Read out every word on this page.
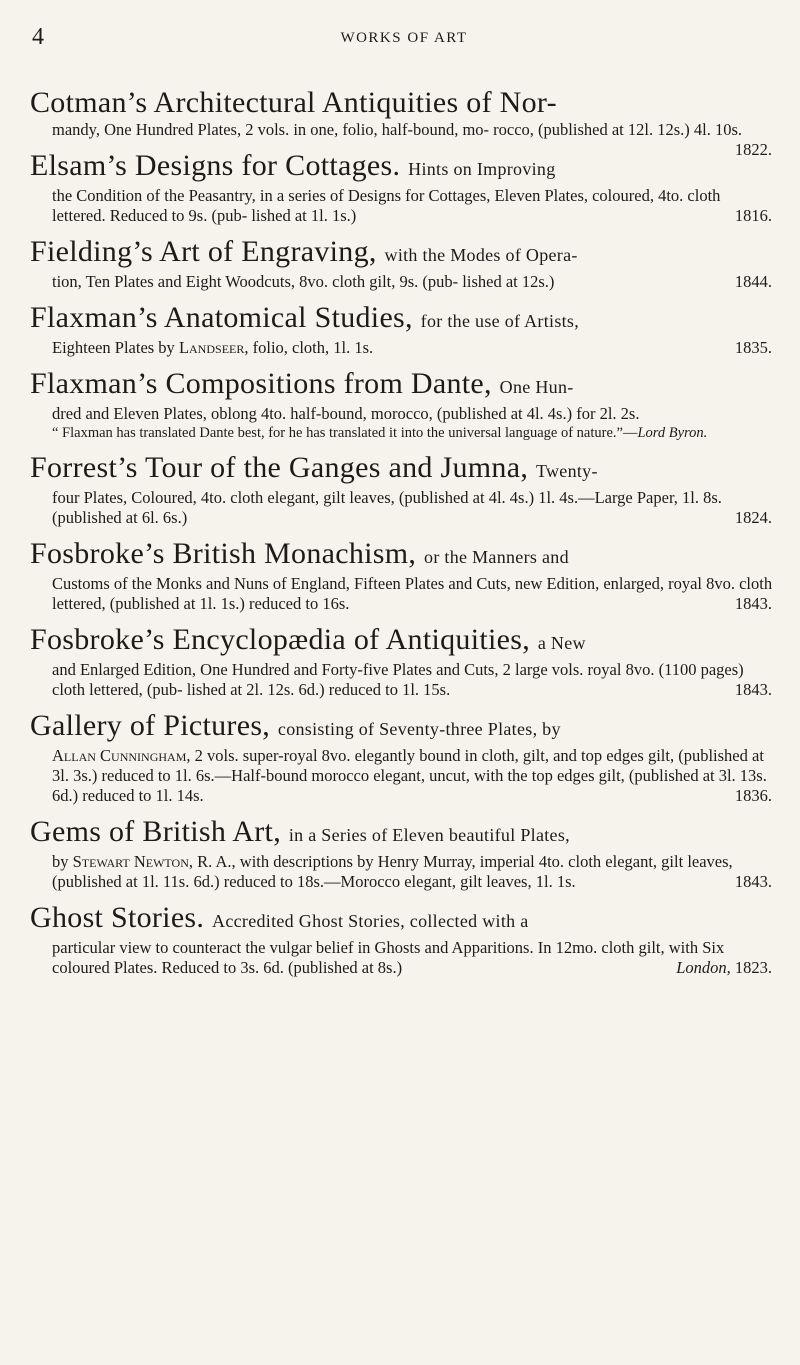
4	WORKS OF ART
Cotman’s Architectural Antiquities of Nor-
mandy, One Hundred Plates, 2 vols. in one, folio, half-bound, mo- rocco, (published at 12l. 12s.) 4l. 10s.
1822.
Elsam’s Designs for Cottages. Hints on Improving
the Condition of the Peasantry, in a series of Designs for Cottages, Eleven Plates, coloured, 4to. cloth lettered. Reduced to 9s. (pub- lished at 1l. 1s.)	1816.
Fielding’s Art of Engraving, with the Modes of Opera-
tion, Ten Plates and Eight Woodcuts, 8vo. cloth gilt, 9s. (pub- lished at 12s.)	1844.
Flaxman’s Anatomical Studies, for the use of Artists,
Eighteen Plates by Landseer, folio, cloth, 1l. 1s.	1835.
Flaxman’s Compositions from Dante, One Hun-
dred and Eleven Plates, oblong 4to. half-bound, morocco, (published at 4l. 4s.) for 2l. 2s.
“ Flaxman has translated Dante best, for he has translated it into the universal language of nature.”—Lord Byron.
Forrest’s Tour of the Ganges and Jumna, Twenty-
four Plates, Coloured, 4to. cloth elegant, gilt leaves, (published at 4l. 4s.) 1l. 4s.—Large Paper, 1l. 8s. (published at 6l. 6s.)	1824.
Fosbroke’s British Monachism, or the Manners and
Customs of the Monks and Nuns of England, Fifteen Plates and Cuts, new Edition, enlarged, royal 8vo. cloth lettered, (published at 1l. 1s.) reduced to 16s.	1843.
Fosbroke’s Encyclopædia of Antiquities, a New
and Enlarged Edition, One Hundred and Forty-five Plates and Cuts, 2 large vols. royal 8vo. (1100 pages) cloth lettered, (pub- lished at 2l. 12s. 6d.) reduced to 1l. 15s.	1843.
Gallery of Pictures, consisting of Seventy-three Plates, by
Allan Cunningham, 2 vols. super-royal 8vo. elegantly bound in cloth, gilt, and top edges gilt, (published at 3l. 3s.) reduced to 1l. 6s.—Half-bound morocco elegant, uncut, with the top edges gilt, (published at 3l. 13s. 6d.) reduced to 1l. 14s.	1836.
Gems of British Art, in a Series of Eleven beautiful Plates,
by Stewart Newton, R. A., with descriptions by Henry Murray, imperial 4to. cloth elegant, gilt leaves, (published at 1l. 11s. 6d.) reduced to 18s.—Morocco elegant, gilt leaves, 1l. 1s.	1843.
Ghost Stories. Accredited Ghost Stories, collected with a
particular view to counteract the vulgar belief in Ghosts and Apparitions. In 12mo. cloth gilt, with Six coloured Plates. Reduced to 3s. 6d. (published at 8s.)	London, 1823.
